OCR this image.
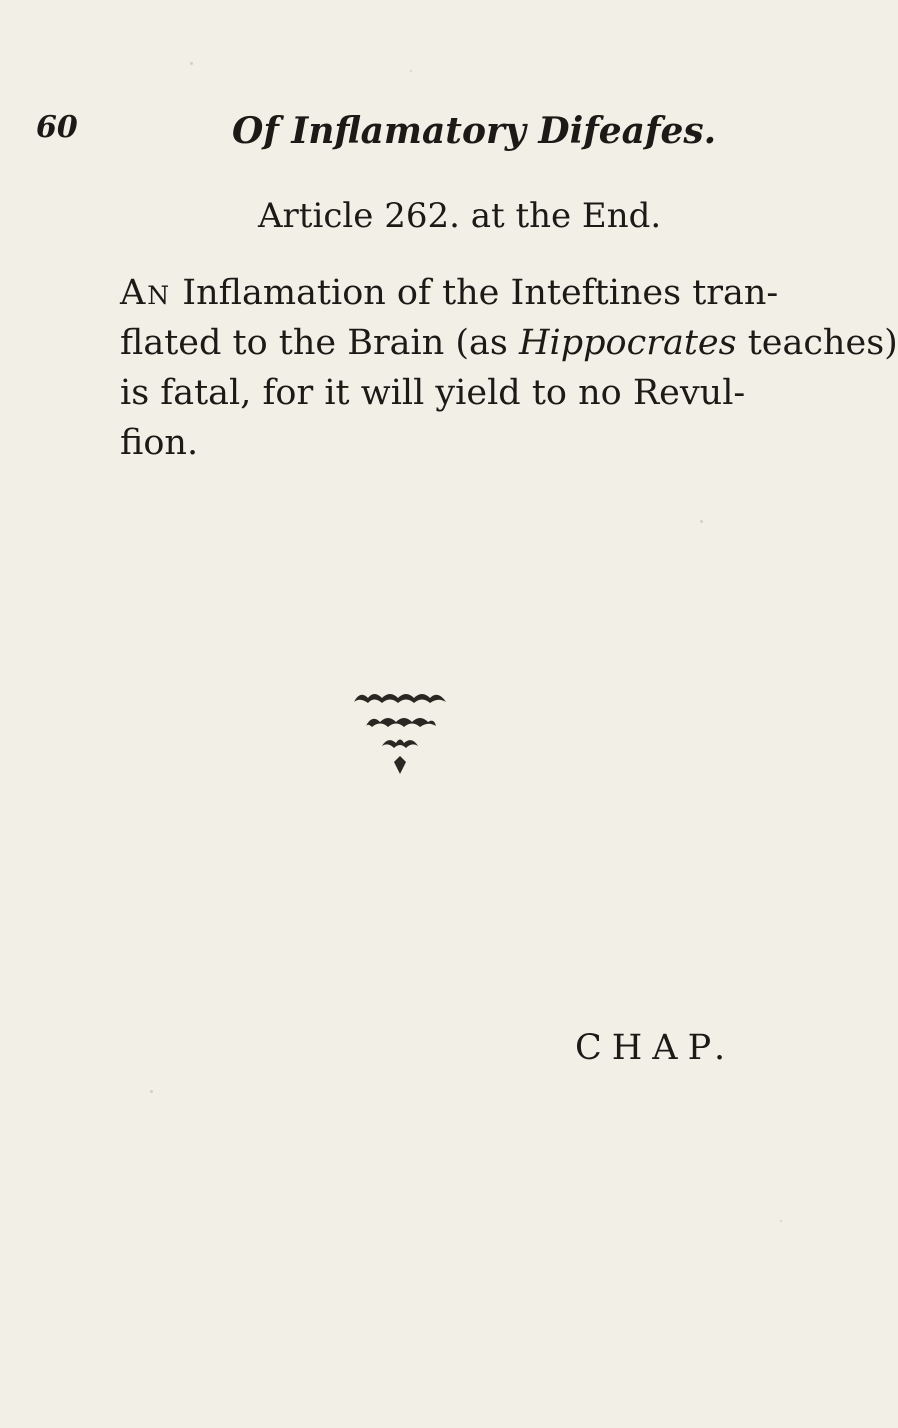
60	Of Inflamatory Difeafes.
Article 262. at the End.
An Inflamation of the Inteftines tran-
flated to the Brain (as Hippocrates teaches)
is fatal, for it will yield to no Revul-
fion.
CHAP.
